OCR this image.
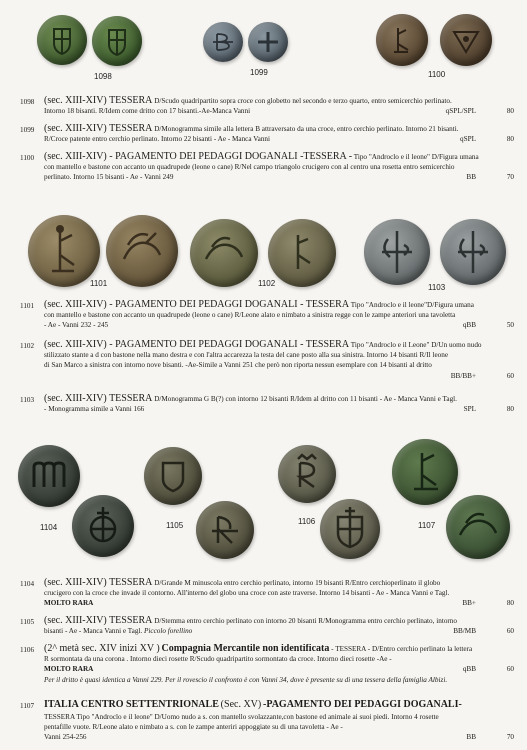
1098	1099	1100
1098 (sec. XIII-XIV) TESSERA D/Scudo quadripartito sopra croce con globetto nel secondo e terzo quarto, entro semicerchio perlinato.
Intorno 18 bisanti. R/Idem come dritto con 17 bisanti.-Ae-Manca Vanni	qSPL/SPL	80
1099 (sec. XIII-XIV) TESSERA D/Monogramma simile alla lettera B attraversato da una croce, entro cerchio perlinato. Intorno 21 bisanti.
R/Croce patente entro cerchio perlinato. Intorno 22 bisanti - Ae - Manca Vanni	qSPL	80
1100 (sec. XIII-XIV) - PAGAMENTO DEI PEDAGGI DOGANALI -TESSERA - Tipo "Androclo e il leone" D/Figura umana
con mantello e bastone con accanto un quadrupede (leone o cane) R/Nel campo triangolo crucigero con al centro una rosetta entro semicerchio
perlinato. Intorno 15 bisanti - Ae - Vanni 249	BB	70
1101	1102	1103
1101 (sec. XIII-XIV) - PAGAMENTO DEI PEDAGGI DOGANALI - TESSERA Tipo "Androclo e il leone"D/Figura umana
con mantello e bastone con accanto un quadrupede (leone o cane) R/Leone alato e nimbato a sinistra regge con le zampe anteriori una tavoletta
- Ae - Vanni 232 - 245	qBB	50
1102 (sec. XIII-XIV) - PAGAMENTO DEI PEDAGGI DOGANALI - TESSERA Tipo "Androclo e il Leone" D/Un uomo nudo
stilizzato stante a d con bastone nella mano destra e con l'altra accarezza la testa del cane posto alla sua sinistra. Intorno 14 bisanti R/Il leone
di San Marco a sinistra con intorno nove bisanti. -Ae-Simile a Vanni 251 che però non riporta nessun esemplare con 14 bisanti al dritto
BB/BB+	60
1103 (sec. XIII-XIV) TESSERA D/Monogramma G B(?) con intorno 12 bisanti R/Idem al dritto con 11 bisanti - Ae - Manca Vanni e Tagl.
- Monogramma simile a Vanni 166	SPL	80
1104	1105	1106	1107
1104 (sec. XIII-XIV) TESSERA D/Grande M minuscola entro cerchio perlinato, intorno 19 bisanti R/Entro cerchioperlinato il globo
crucigero con la croce che invade il contorno. All'interno del globo una croce con aste traverse. Intorno 14 bisanti - Ae - Manca Vanni e Tagl.
MOLTO RARA	BB+	80
1105 (sec. XIII-XIV) TESSERA D/Stemma entro cerchio perlinato con intorno 20 bisanti R/Monogramma entro cerchio perlinato, intorno
bisanti - Ae - Manca Vanni e Tagl. Piccolo forellino	BB/MB	60
1106 (2^ metà sec. XIV inizi XV ) Compagnia Mercantile non identificata - TESSERA - D/Entro cerchio perlinato la lettera
R sormontata da una corona . Intorno dieci rosette R/Scudo quadripartito sormontato da croce. Intorno dieci rosette -Ae -
MOLTO RARA	qBB	60
Per il dritto è quasi identica a Vanni 229. Per il rovescio il confronto è con Vanni 34, dove è presente su di una tessera della famiglia Albizi.
1107 ITALIA CENTRO SETTENTRIONALE (Sec. XV) -PAGAMENTO DEI PEDAGGI DOGANALI-
TESSERA Tipo "Androclo e il leone" D/Uomo nudo a s. con mantello svolazzante,con bastone ed animale ai suoi piedi. Intorno 4 rosette
pentafille vuote. R/Leone alato e nimbato a s. con le zampe anteriri appoggiate su di una tavoletta - Ae -
Vanni 254-256	BB	70
